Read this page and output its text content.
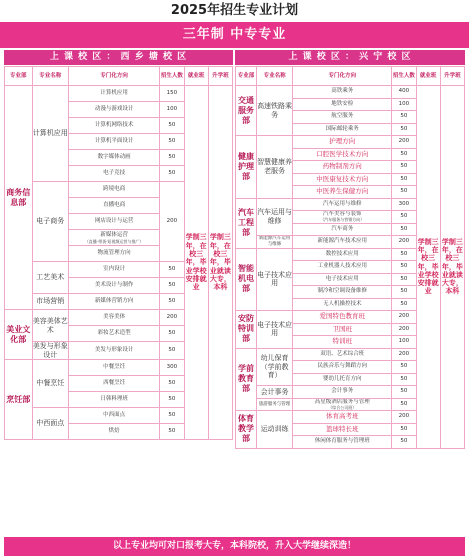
2025年招生专业计划
三年制 中专专业
上 课 校 区 ： 西 乡 塘 校 区	上 课 校 区 ： 兴 宁 校 区
专业部	专业名称	专门化方向	招生人数	就业班	升学班
商务信息部	计算机应用	计算机应用	150	学制三年，在校三年，毕业学校安排就业	学制三年，在校三年，毕业就读大专，本科
		动漫与游戏设计	100		
		计算机网络技术	50		
		计算机平面设计	50		
		数字媒体动画	50		
		电子竞技	50		
	电子商务	跨境电商	200		
		直播电商			
		网店设计与运营			

		新媒体运营
（直播·带货·短视频运营与推广）			

		物流管理方向			
	工艺美术	室内设计	50		
		美术设计与制作	50		
	市场营销	新媒体营销方向	50		
美业文化部	美容美体艺术	美容美体	200		
		彩妆艺术造型	50		
	美发与形象设计	美发与形象设计	50		
烹饪部	中餐烹饪	中餐烹饪	300		
		西餐烹饪	50		
		日韩料理班	50		
	中西面点	中西面点	50		
		烘焙	50		
专业部	专业名称	专门化方向	招生人数	就业班	升学班
交通服务部	高速铁路乘务	高铁乘务	400	学制三年，在校三年，毕业学校安排就业	学制三年，在校三年，毕业就读大专，本科
		地铁安检	100		
		航空服务	50		
		国际邮轮乘务	50		
健康护理部	智慧健康养老服务	护理方向	200		
		口腔医学技术方向	50		
		药物制剂方向	50		
		中医康复技术方向	50		
		中医养生保健方向	50		
汽车工程部	汽车运用与维修	汽车运用与维修	300		

		汽车美容与装饰
（汽车服务与营销方向）	50		
		汽车商务	50		
	新能源汽车运用与维修	新能源汽车技术应用	200		
智能机电部	电子技术应用	数控技术应用	50		
		工业机器人技术应用	50		
		电子技术应用	50		
		制冷和空调设备维修	50		
		无人机操控技术	50		
安防特训部	电子技术应用	爱国特色教育班	200		
		卫国班	200		
		特训班	100		
学前教育部	幼儿保育（学前教育）	双语、艺术综合班	200		
		民族音乐与舞蹈方向	50		
		婴幼儿托育方向	50		
	会计事务	会计事务	50		
	旅游服务与管理	高星级酒店服务与管理
（综合公司班）	50		
体育教学部	运动训练	体育高考班	200		
		篮球特长班	50		
		休闲体育服务与管理班	50		
以上专业均可对口报考大专，本科院校，升入大学继续深造！
